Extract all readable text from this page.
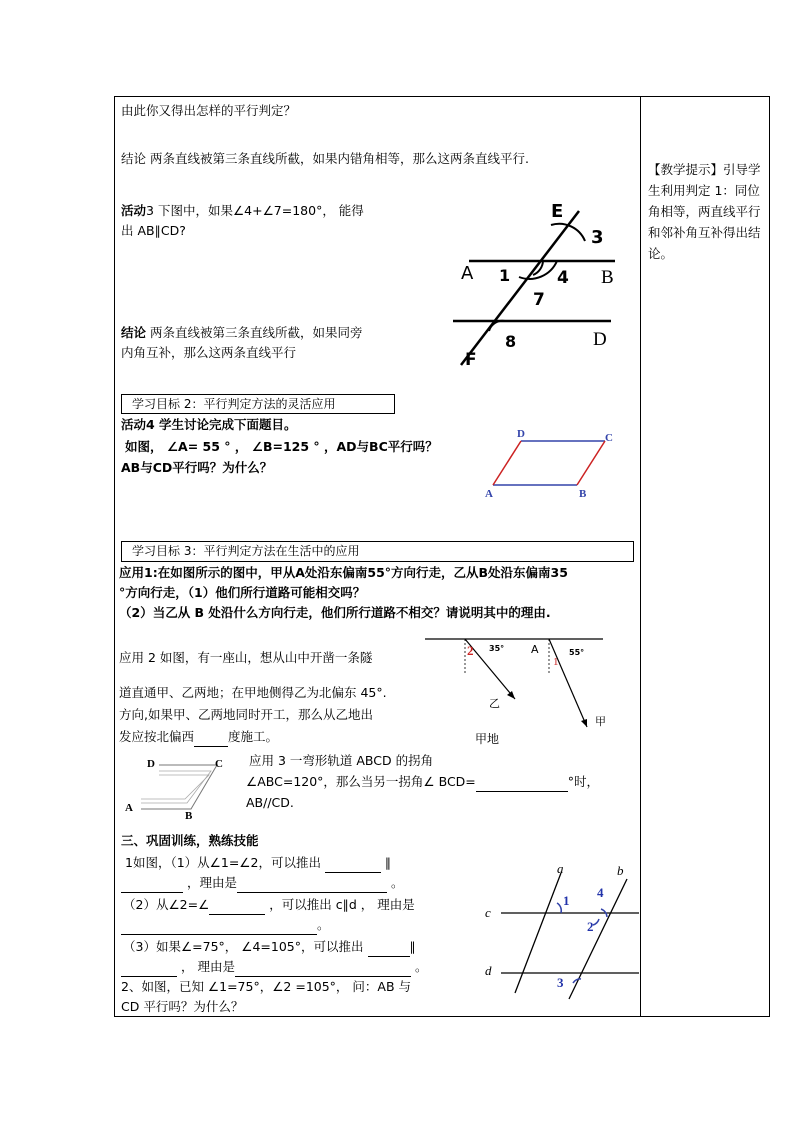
由此你又得出怎样的平行判定？
结论 两条直线被第三条直线所截，如果内错角相等，那么这两条直线平行.
活动3 下图中，如果∠4+∠7=180°， 能得
出 AB∥CD?
结论 两条直线被第三条直线所截，如果同旁
内角互补，那么这两条直线平行
E
3
A 1	4 B
7
D
F
8
学习目标 2：平行判定方法的灵活应用
活动4 学生讨论完成下面题目。
如图， ∠A= 55 ° ， ∠B=125 ° ，AD与BC平行吗？
AB与CD平行吗？为什么？
D	C
A	B
学习目标 3：平行判定方法在生活中的应用
应用1:在如图所示的图中，甲从A处沿东偏南55°方向行走，乙从B处沿东偏南35
°方向行走，（1）他们所行道路可能相交吗？
（2）当乙从 B 处沿什么方向行走，他们所行道路不相交？请说明其中的理由.
应用 2 如图，有一座山，想从山中开凿一条隧
道直通甲、乙两地；在甲地侧得乙为北偏东 45°.
方向,如果甲、乙两地同时开工，那么从乙地出
发应按北偏西	度施工。
2 35° A
1
55°
乙
甲
甲地
应用 3 一弯形轨道 ABCD 的拐角
∠ABC=120°，那么当另一拐角∠ BCD=	°时，
AB//CD.
D	C
A
B
三、巩固训练，熟练技能
1如图，（1）从∠1=∠2，可以推出	∥
，理由是	。
（2）从∠2=∠	，可以推出 c∥d ， 理由是
。
（3）如果∠=75°， ∠4=105°，可以推出	∥
， 理由是	。
2、如图，已知 ∠1=75°，∠2 =105°， 问：AB 与
CD 平行吗？为什么？
a	b
c
d
1
2
3
4
【教学提示】引导学生利用判定 1：同位角相等，两直线平行和邻补角互补得出结论。
